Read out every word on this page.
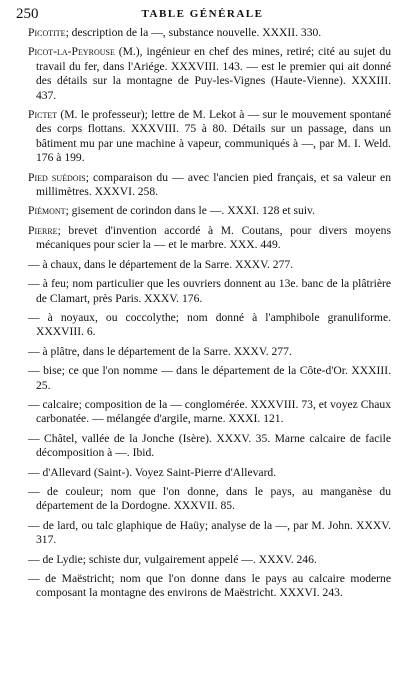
250	TABLE GÉNÉRALE

Picotite; description de la —, substance nouvelle. XXXII. 330.

Picot-la-Peyrouse (M.), ingénieur en chef des mines, retiré; cité au sujet du travail du fer, dans l'Ariége. XXXVIII. 143. — est le premier qui ait donné des détails sur la montagne de Puy-les-Vignes (Haute-Vienne). XXXIII. 437.

Pictet (M. le professeur); lettre de M. Lekot à — sur le mouvement spontané des corps flottans. XXXVIII. 75 à 80. Détails sur un passage, dans un bâtiment mu par une machine à vapeur, communiqués à —, par M. I. Weld. 176 à 199.

Pied suédois; comparaison du — avec l'ancien pied français, et sa valeur en millimètres. XXXVI. 258.

Piémont; gisement de corindon dans le —. XXXI. 128 et suiv.

Pierre; brevet d'invention accordé à M. Coutans, pour divers moyens mécaniques pour scier la — et le marbre. XXX. 449.

— à chaux, dans le département de la Sarre. XXXV. 277.

— à feu; nom particulier que les ouvriers donnent au 13e. banc de la plâtrière de Clamart, près Paris. XXXV. 176.

— à noyaux, ou coccolythe; nom donné à l'amphibole granuliforme. XXXVIII. 6.

— à plâtre, dans le département de la Sarre. XXXV. 277.

— bise; ce que l'on nomme — dans le département de la Côte-d'Or. XXXIII. 25.

— calcaire; composition de la — conglomérée. XXXVIII. 73, et voyez Chaux carbonatée. — mélangée d'argile, marne. XXXI. 121.

— Châtel, vallée de la Jonche (Isère). XXXV. 35. Marne calcaire de facile décomposition à —. Ibid.

— d'Allevard (Saint-). Voyez Saint-Pierre d'Allevard.

— de couleur; nom que l'on donne, dans le pays, au manganèse du département de la Dordogne. XXXVII. 85.

— de lard, ou talc glaphique de Haüy; analyse de la —, par M. John. XXXV. 317.

— de Lydie; schiste dur, vulgairement appelé —. XXXV. 246.

— de Maëstricht; nom que l'on donne dans le pays au calcaire moderne composant la montagne des environs de Maëstricht. XXXVI. 243.
